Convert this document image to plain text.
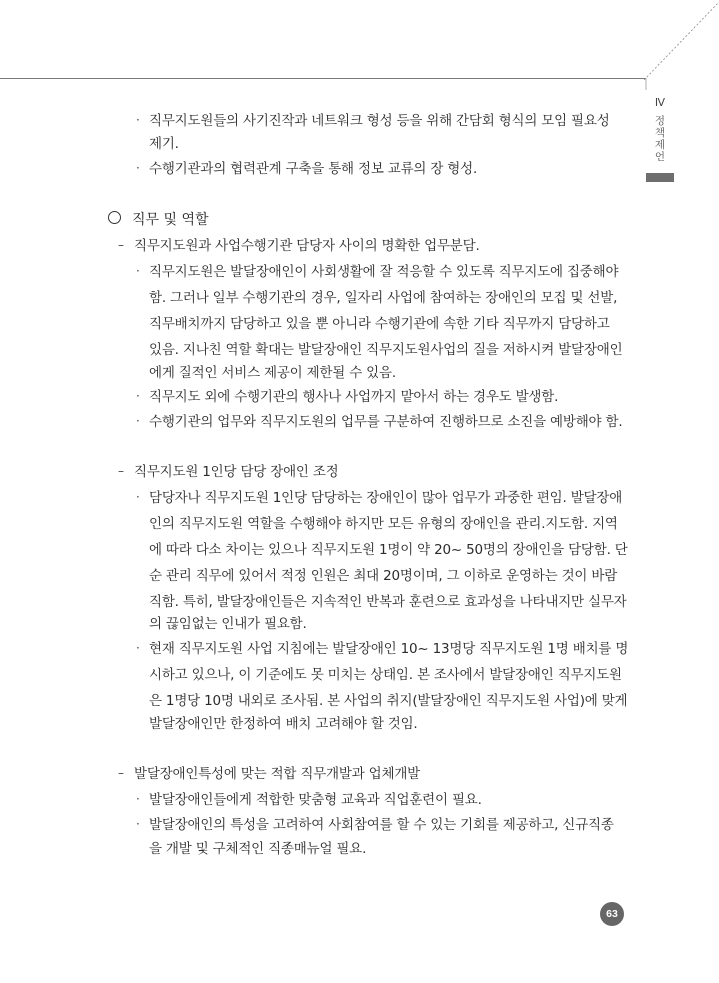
Ⅳ
정책제언
· 직무지도원들의 사기진작과 네트워크 형성 등을 위해 간담회 형식의 모임 필요성
제기.
· 수행기관과의 협력관계 구축을 통해 정보 교류의 장 형성.
직무 및 역할
– 직무지도원과 사업수행기관 담당자 사이의 명확한 업무분담.
· 직무지도원은 발달장애인이 사회생활에 잘 적응할 수 있도록 직무지도에 집중해야
함. 그러나 일부 수행기관의 경우, 일자리 사업에 참여하는 장애인의 모집 및 선발,
직무배치까지 담당하고 있을 뿐 아니라 수행기관에 속한 기타 직무까지 담당하고
있음. 지나친 역할 확대는 발달장애인 직무지도원사업의 질을 저하시켜 발달장애인
에게 질적인 서비스 제공이 제한될 수 있음.
· 직무지도 외에 수행기관의 행사나 사업까지 맡아서 하는 경우도 발생함.
· 수행기관의 업무와 직무지도원의 업무를 구분하여 진행하므로 소진을 예방해야 함.
– 직무지도원 1인당 담당 장애인 조정
· 담당자나 직무지도원 1인당 담당하는 장애인이 많아 업무가 과중한 편임. 발달장애
인의 직무지도원 역할을 수행해야 하지만 모든 유형의 장애인을 관리.지도함. 지역
에 따라 다소 차이는 있으나 직무지도원 1명이 약 20~ 50명의 장애인을 담당함. 단
순 관리 직무에 있어서 적정 인원은 최대 20명이며, 그 이하로 운영하는 것이 바람
직함. 특히, 발달장애인들은 지속적인 반복과 훈련으로 효과성을 나타내지만 실무자
의 끊임없는 인내가 필요함.
· 현재 직무지도원 사업 지침에는 발달장애인 10~ 13명당 직무지도원 1명 배치를 명
시하고 있으나, 이 기준에도 못 미치는 상태임. 본 조사에서 발달장애인 직무지도원
은 1명당 10명 내외로 조사됨. 본 사업의 취지(발달장애인 직무지도원 사업)에 맞게
발달장애인만 한정하여 배치 고려해야 할 것임.
– 발달장애인특성에 맞는 적합 직무개발과 업체개발
· 발달장애인들에게 적합한 맞춤형 교육과 직업훈련이 필요.
· 발달장애인의 특성을 고려하여 사회참여를 할 수 있는 기회를 제공하고, 신규직종
을 개발 및 구체적인 직종매뉴얼 필요.
63
